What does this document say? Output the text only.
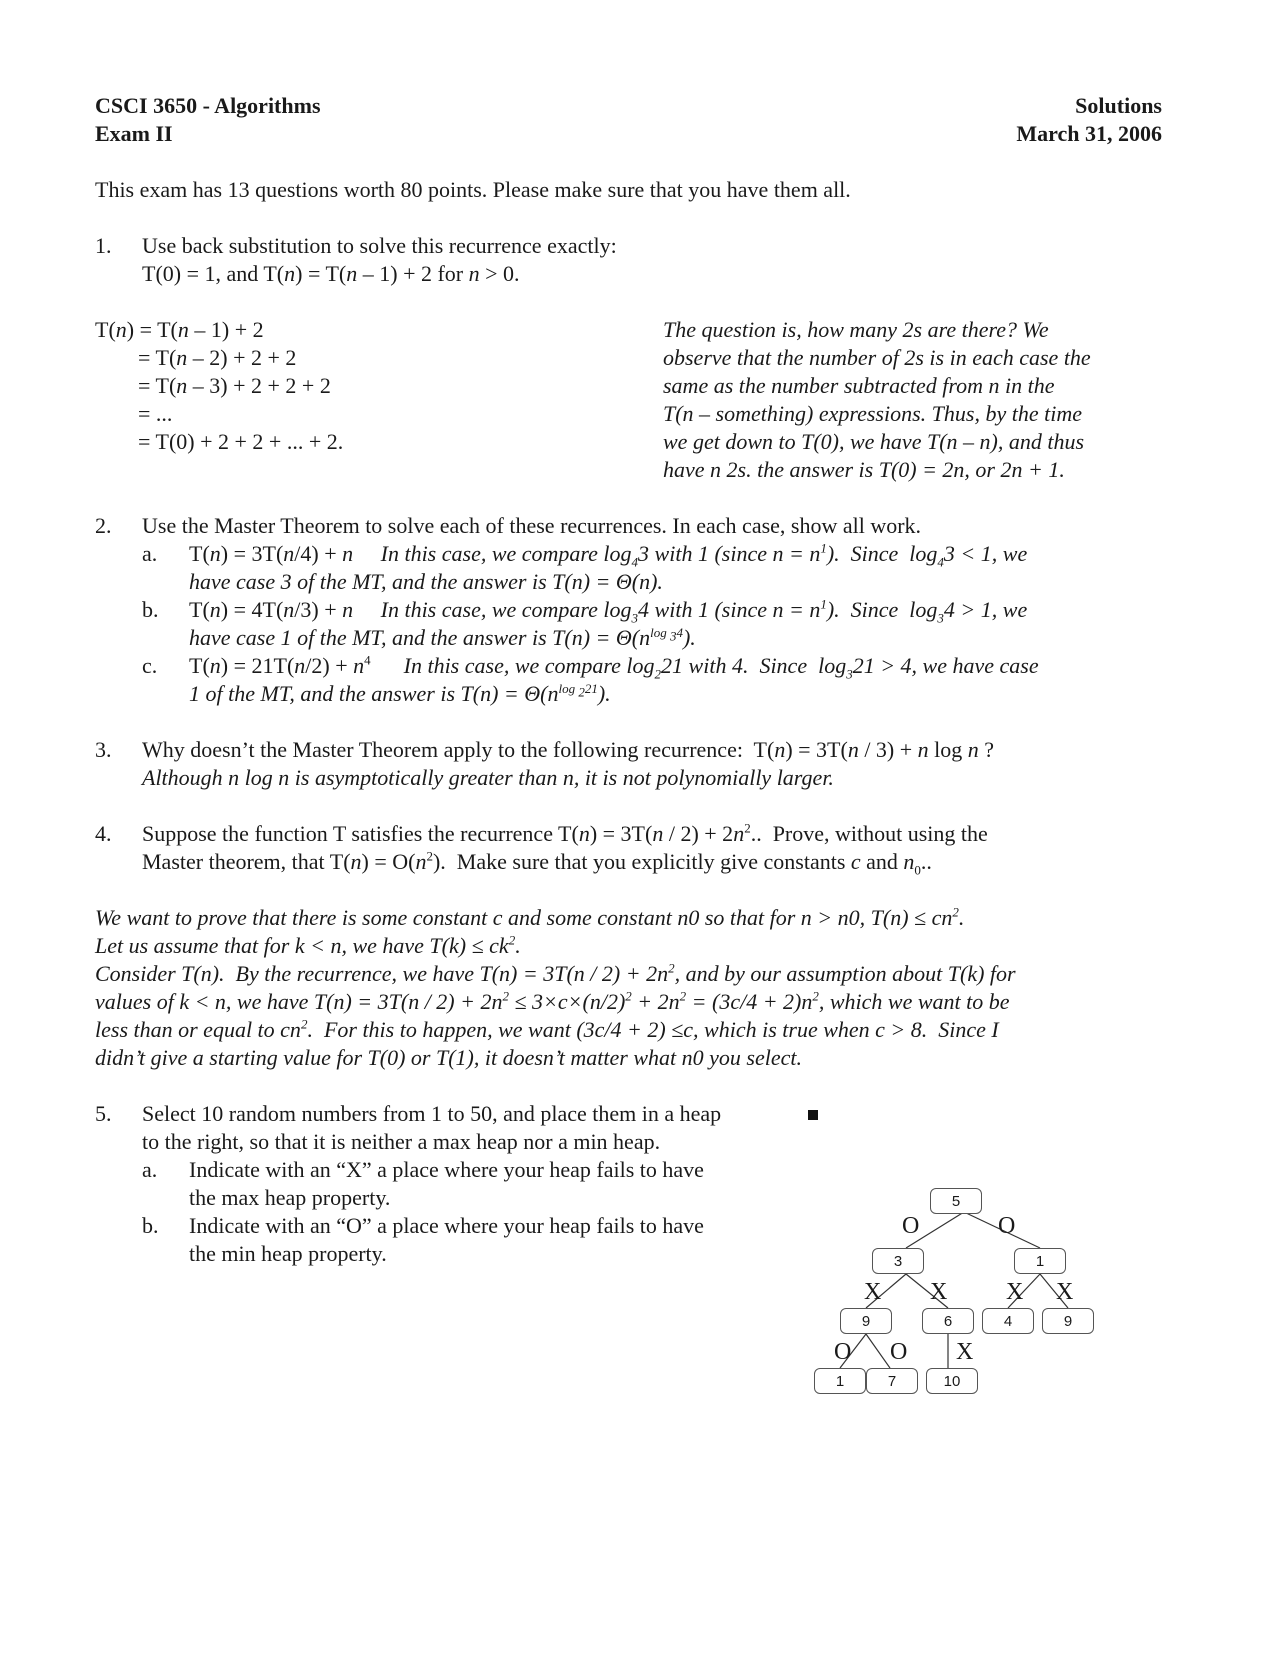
CSCI 3650 - Algorithms
Exam II
Solutions
March 31, 2006
This exam has 13 questions worth 80 points. Please make sure that you have them all.
1. Use back substitution to solve this recurrence exactly:
T(0) = 1, and T(n) = T(n – 1) + 2 for n > 0.
T(n) = T(n – 1) + 2
= T(n – 2) + 2 + 2
= T(n – 3) + 2 + 2 + 2
= ...
= T(0) + 2 + 2 + ... + 2.
The question is, how many 2s are there? We
observe that the number of 2s is in each case the
same as the number subtracted from n in the
T(n – something) expressions. Thus, by the time
we get down to T(0), we have T(n – n), and thus
have n 2s. the answer is T(0) = 2n, or 2n + 1.
2. Use the Master Theorem to solve each of these recurrences. In each case, show all work.
a. T(n) = 3T(n/4) + n In this case, we compare $\log_43$ with 1 (since $n = n^1$).  Since  $\log_43 < 1$, we
have case 3 of the MT, and the answer is T(n) = Θ(n).
b. T(n) = 4T(n/3) + n In this case, we compare $\log_34$ with 1 (since $n = n^1$).  Since  $\log_34 > 1$, we
have case 1 of the MT, and the answer is $T(n) = \Theta(n^{log _34})$.
c. $T(n) = 21T(n/2) + n^4$ In this case, we compare $\log_221$ with 4.  Since  $\log_321 > 4$, we have case
1 of the MT, and the answer is $T(n) = \Theta(n^{log _221})$.
3. Why doesn’t the Master Theorem apply to the following recurrence:  T(n) = 3T(n / 3) + n log n ?
Although n log n is asymptotically greater than n, it is not polynomially larger.
4. Suppose the function T satisfies the recurrence $T(n) = 3T(n / 2) + 2n^2$..  Prove, without using the
Master theorem, that $T(n) = O(n^2)$.  Make sure that you explicitly give constants c and $n_0$..
We want to prove that there is some constant c and some constant n0 so that for n > n0, $T(n) \le cn^2$.
Let us assume that for k < n, we have $T(k) \le ck^2$.
Consider T(n).  By the recurrence, we have $T(n) = 3T(n / 2) + 2n^2$, and by our assumption about T(k) for
values of k < n, we have $T(n) = 3T(n / 2) + 2n^2 \le 3\times c\times(n/2)^2 + 2n^2 = (3c/4 + 2)n^2$, which we want to be
less than or equal to $cn^2$.  For this to happen, we want (3c/4 + 2) ≤c, which is true when c > 8.  Since I
didn’t give a starting value for T(0) or T(1), it doesn’t matter what n0 you select.
5. Select 10 random numbers from 1 to 50, and place them in a heap
to the right, so that it is neither a max heap nor a min heap.
a. Indicate with an “X” a place where your heap fails to have
the max heap property.
b. Indicate with an “O” a place where your heap fails to have
the min heap property.
5
3	1
9	6	4	9
1	7	10
O	O
X X X X
O O X
